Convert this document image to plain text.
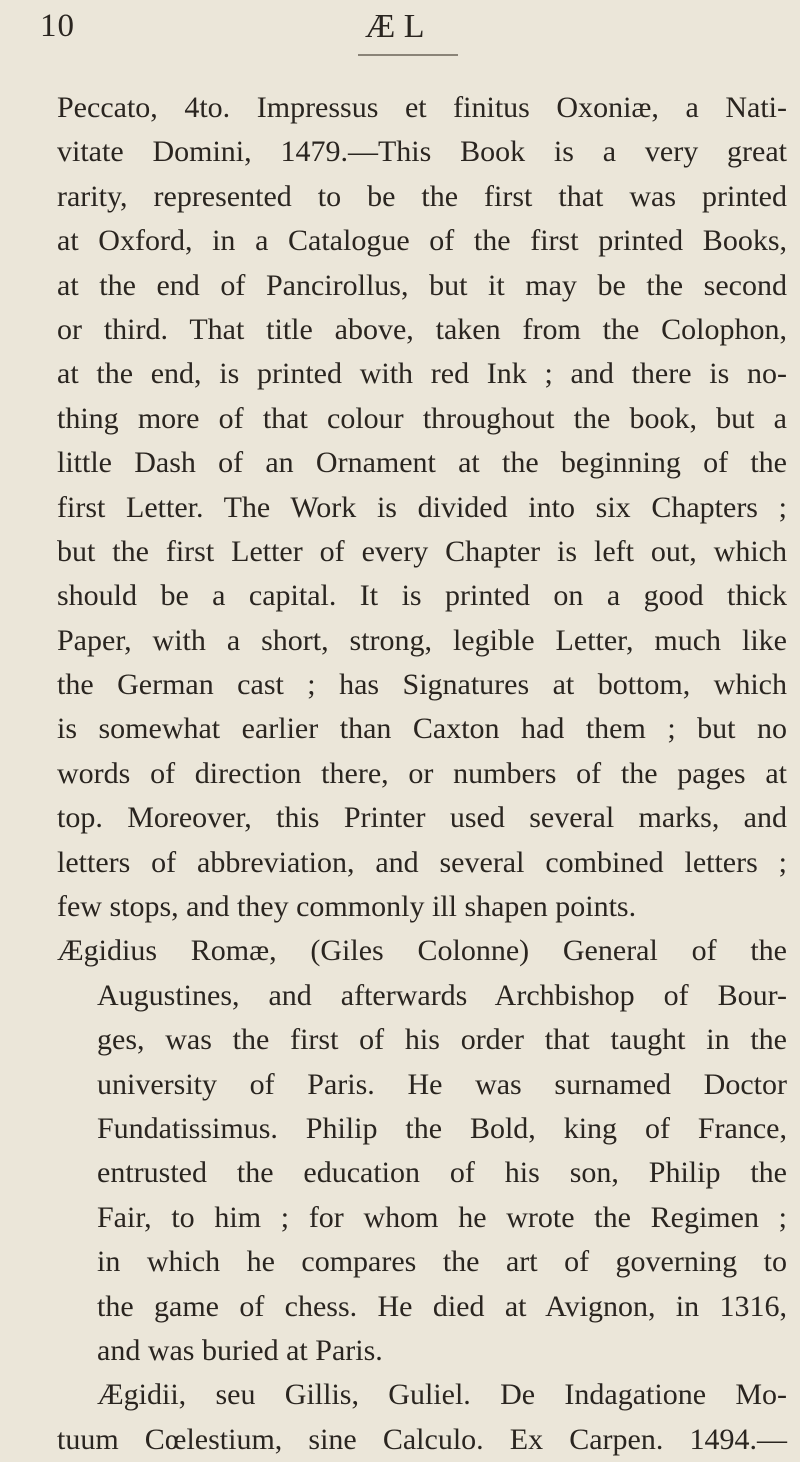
10	Æ L
Peccato, 4to. Impressus et finitus Oxoniæ, a Nati-
vitate Domini, 1479.—This Book is a very great
rarity, represented to be the first that was printed
at Oxford, in a Catalogue of the first printed Books,
at the end of Pancirollus, but it may be the second
or third. That title above, taken from the Colophon,
at the end, is printed with red Ink ; and there is no-
thing more of that colour throughout the book, but a
little Dash of an Ornament at the beginning of the
first Letter. The Work is divided into six Chapters ;
but the first Letter of every Chapter is left out, which
should be a capital. It is printed on a good thick
Paper, with a short, strong, legible Letter, much like
the German cast ; has Signatures at bottom, which
is somewhat earlier than Caxton had them ; but no
words of direction there, or numbers of the pages at
top. Moreover, this Printer used several marks, and
letters of abbreviation, and several combined letters ;
few stops, and they commonly ill shapen points.
Ægidius Romæ, (Giles Colonne) General of the
Augustines, and afterwards Archbishop of Bour-
ges, was the first of his order that taught in the
university of Paris. He was surnamed Doctor
Fundatissimus. Philip the Bold, king of France,
entrusted the education of his son, Philip the
Fair, to him ; for whom he wrote the Regimen ;
in which he compares the art of governing to
the game of chess. He died at Avignon, in 1316,
and was buried at Paris.
Ægidii, seu Gillis, Guliel. De Indagatione Mo-
tuum Cœlestium, sine Calculo. Ex Carpen. 1494.—
